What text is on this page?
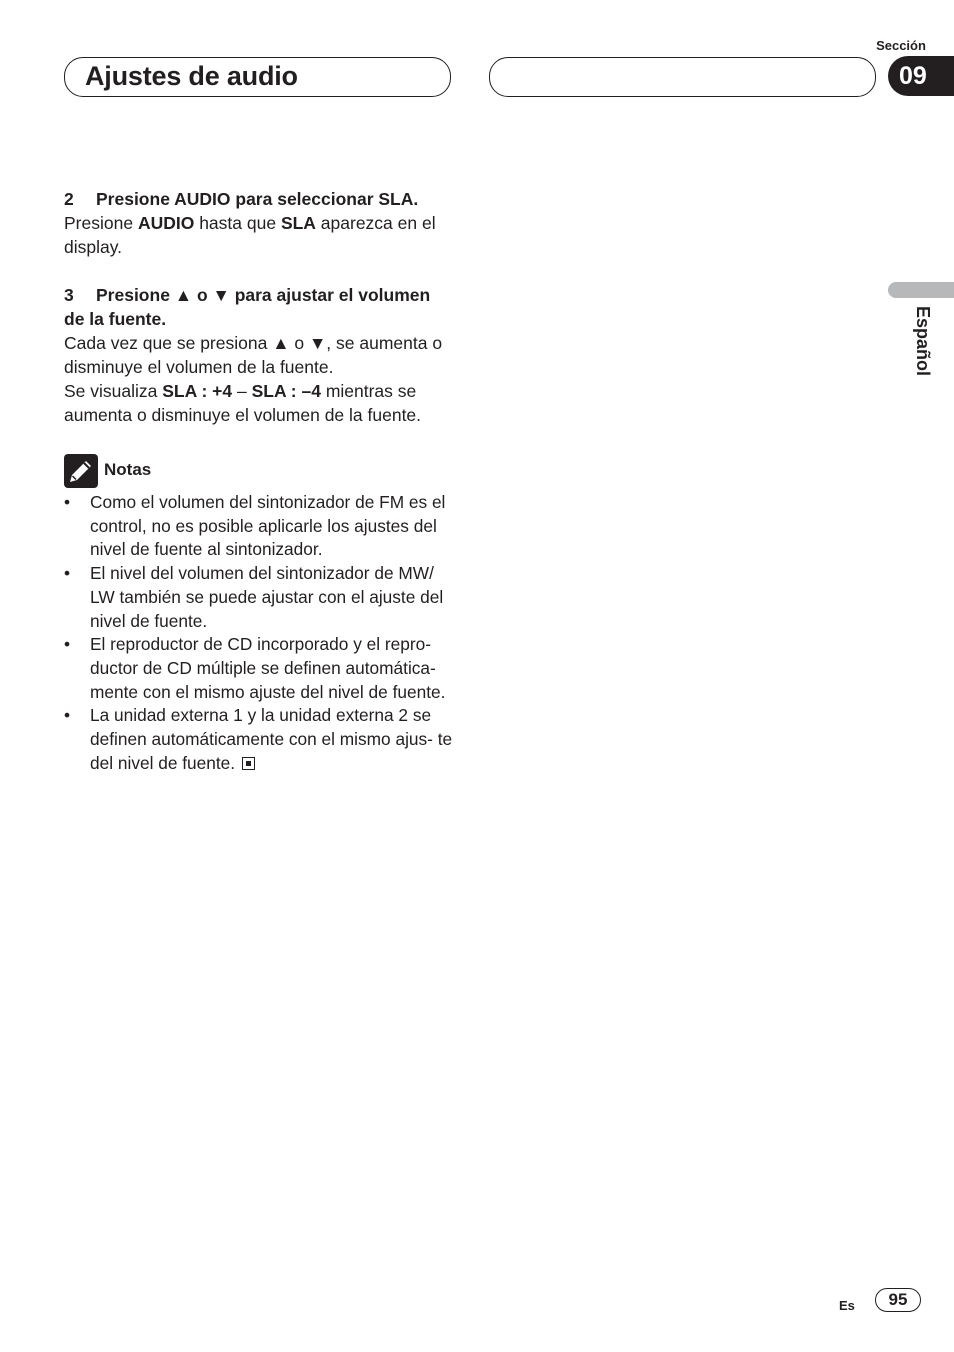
Ajustes de audio
Sección
09
Español

2 Presione AUDIO para seleccionar SLA.

Presione AUDIO hasta que SLA aparezca en el display.

3 Presione ▲ o ▼ para ajustar el volumen de la fuente.

Cada vez que se presiona ▲ o ▼, se aumenta o disminuye el volumen de la fuente.

Se visualiza SLA : +4 – SLA : –4 mientras se aumenta o disminuye el volumen de la fuente.

Notas
• Como el volumen del sintonizador de FM es el control, no es posible aplicarle los ajustes del nivel de fuente al sintonizador.
• El nivel del volumen del sintonizador de MW/ LW también se puede ajustar con el ajuste del nivel de fuente.
• El reproductor de CD incorporado y el repro- ductor de CD múltiple se definen automática- mente con el mismo ajuste del nivel de fuente.
• La unidad externa 1 y la unidad externa 2 se definen automáticamente con el mismo ajus- te del nivel de fuente.
Es	95
